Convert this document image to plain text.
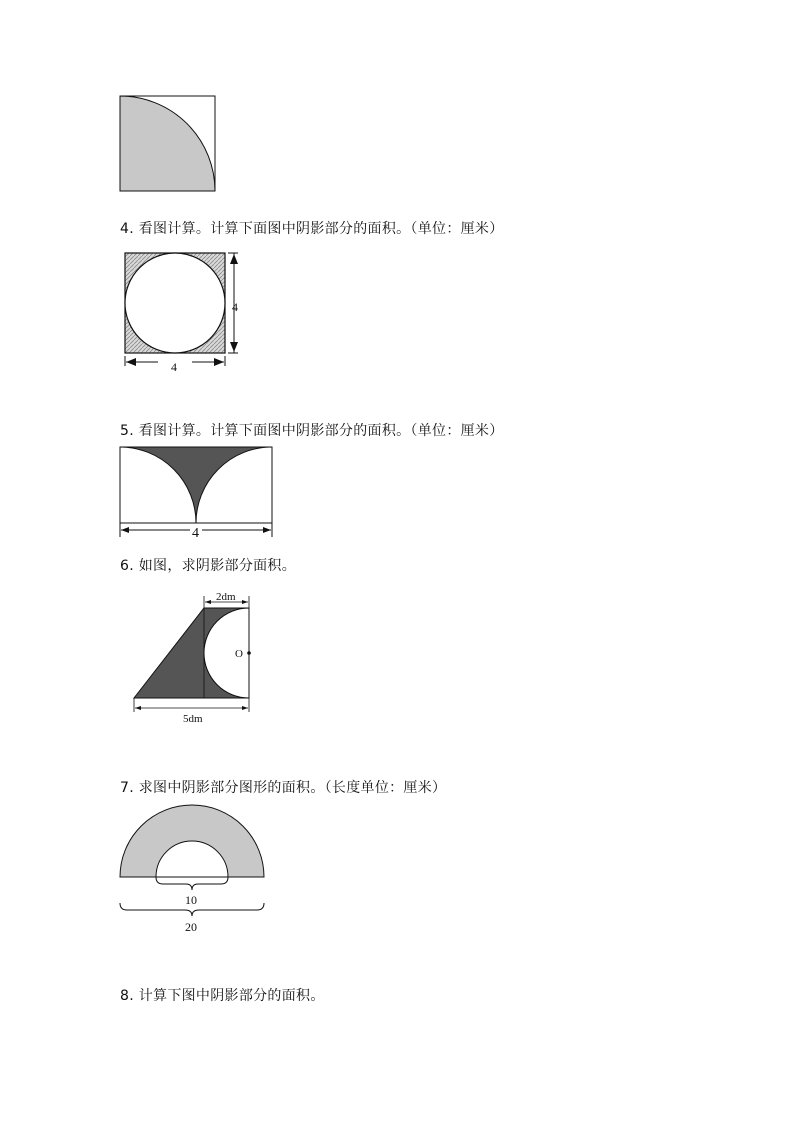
4. 看图计算。计算下面图中阴影部分的面积。（单位：厘米）
4
4
5. 看图计算。计算下面图中阴影部分的面积。（单位：厘米）
4
6. 如图，求阴影部分面积。
2dm
O
5dm
7. 求图中阴影部分图形的面积。（长度单位：厘米）
10
20
8. 计算下图中阴影部分的面积。
